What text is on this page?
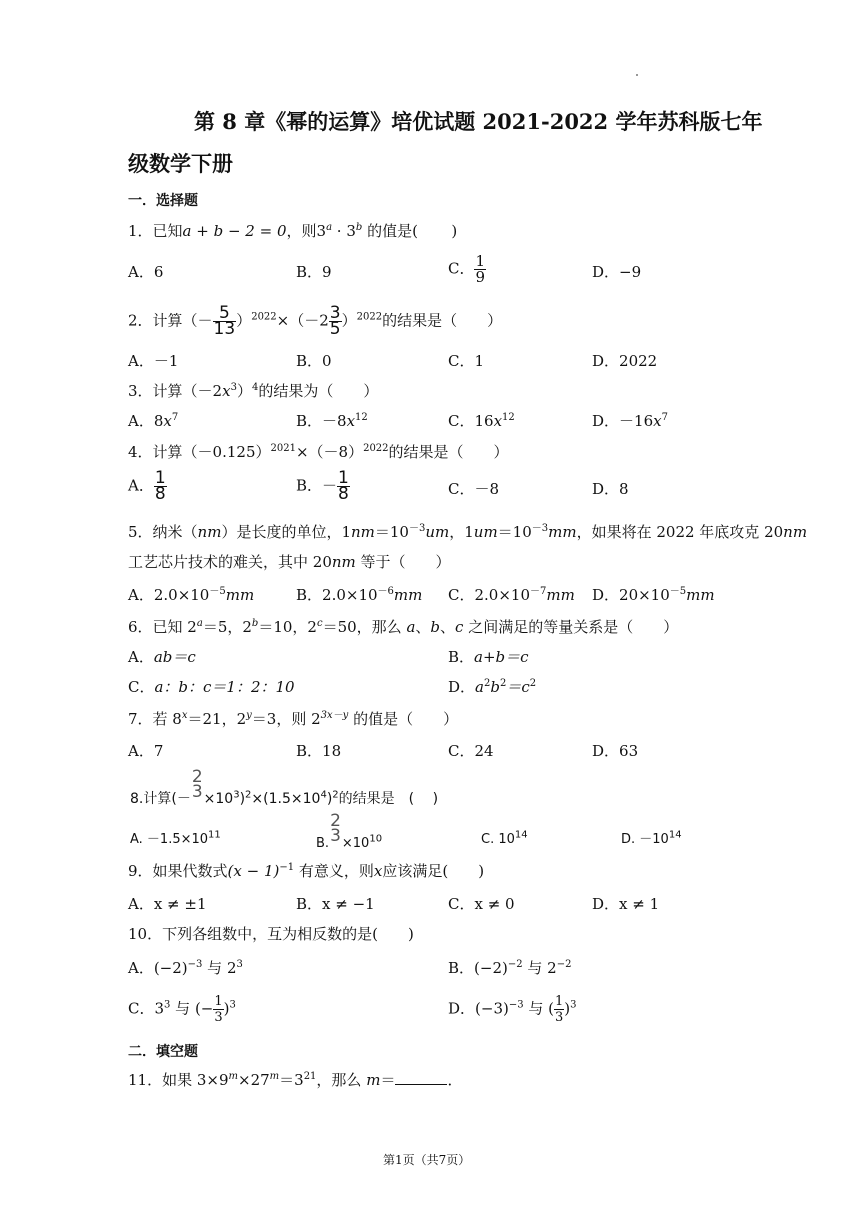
第 8 章《幂的运算》培优试题 2021-2022 学年苏科版七年
级数学下册
一．选择题
1．已知a + b − 2 = 0，则$3^a \cdot 3^b$ 的值是( )
A．6	B．9	C． $\frac{1}{9}$	D．−9
2．计算（－ $\frac{5}{13} )^{2022}\times(-2 \frac{3}{5} )^{2022}$的结果是（　　）
A．－1	B．0	C．1	D．2022
3．计算$(-2x^3)^4$的结果为（　　）
A．$8x^7$	B．$-8x^{12}$	C．$16x^{12}$	D．$-16x^7$
4．计算$(-0.125)^{2021}\times(-8)^{2022}$的结果是（　　）
A． $\frac{1}{8}$	B．－ $\frac{1}{8}$	C．－8	D．8
5．纳米（nm）是长度的单位，$1nm=10^{-3}um$，$1um=10^{-3}mm$，如果将在 2022 年底攻克 20nm
工艺芯片技术的难关，其中 20nm 等于（　　）
A．$2.0\times 10^{-5}mm$	B．$2.0\times 10^{-6}mm$ C．$2.0\times 10^{-7}mm$ D．$20\times 10^{-5}mm$
6．已知 $2^a=5$，$2^b=10$，$2^c=50$，那么 a、b、c 之间满足的等量关系是（　　）
A．ab＝c	B．a+b＝c
C．a：b：c＝1：2：10	D．$a^2b^2=c^2$
7．若 $8^x=21$，$2^y=3$，则 $2^{3x-y}$ 的值是（　　）
A．7	B．18	C．24	D．63
8.计算(－
2
$3 \times 10^3)^2\times(1.5\times 10^4)^2$的结果是　(　 )
A. $-1.5\times 10^{11}$
B.
2
$3 \times 10^{10}$	C. $10^{14}$	D. $-10^{14}$
9．如果代数式$(x - 1)^{-1}$ 有意义，则x应该满足(　　)
A．x ≠ ±1	B．x ≠ −1	C．x ≠ 0	D．x ≠ 1
10．下列各组数中，互为相反数的是(　　)
A．$(-2)^{-3}$ 与 $2^3$	B．$(-2)^{-2}$ 与 $2^{-2}$
C．$3^3$ 与 (− $\frac{1}{3} )^3$	D．$(-3)^{-3}$ 与 ( $\frac{1}{3} )^3$
二．填空题
11．如果 $3\times 9^m\times 27^m=3^{21}$，那么 m＝	．
第1页（共7页）
